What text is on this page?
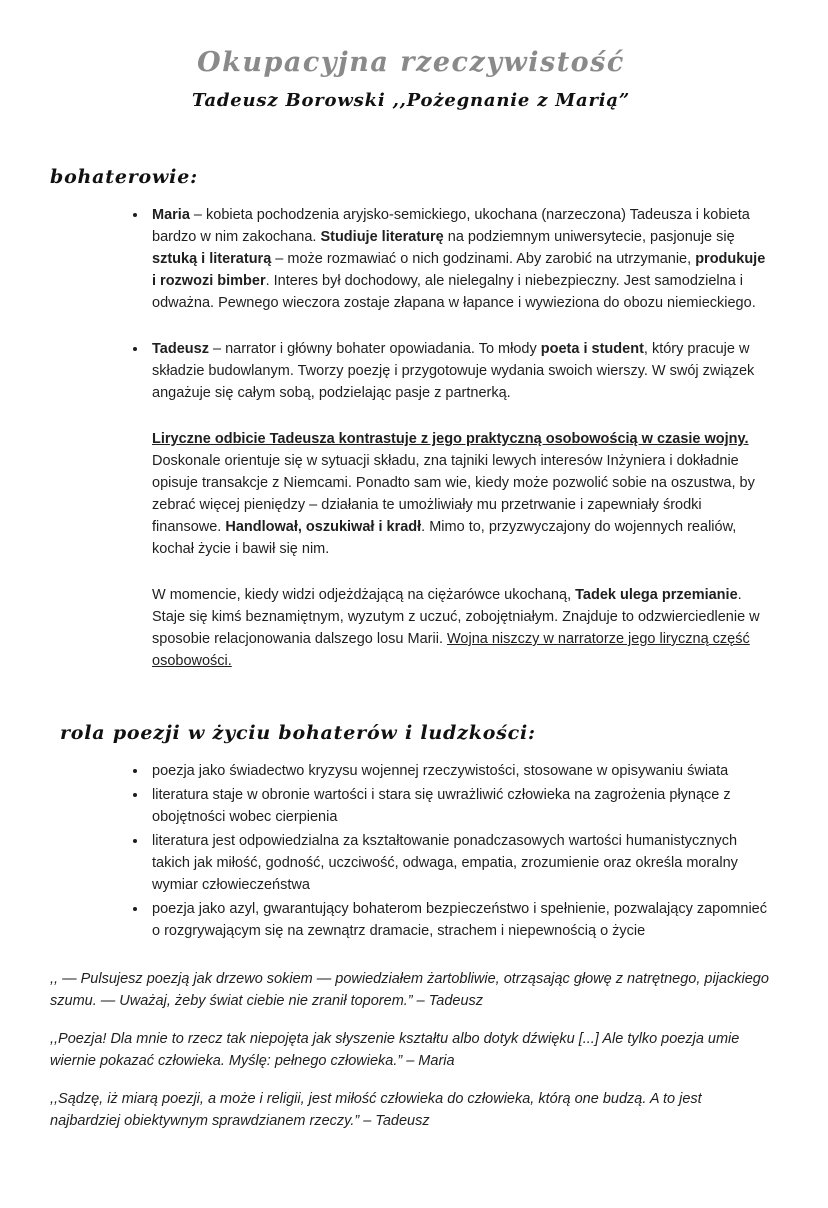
Okupacyjna rzeczywistość
Tadeusz Borowski ,,Pożegnanie z Marią”
bohaterowie:
• Maria – kobieta pochodzenia aryjsko-semickiego, ukochana (narzeczona) Tadeusza i kobieta bardzo w nim zakochana. Studiuje literaturę na podziemnym uniwersytecie, pasjonuje się sztuką i literaturą – może rozmawiać o nich godzinami. Aby zarobić na utrzymanie, produkuje i rozwozi bimber. Interes był dochodowy, ale nielegalny i niebezpieczny. Jest samodzielna i odważna. Pewnego wieczora zostaje złapana w łapance i wywieziona do obozu niemieckiego.
• Tadeusz – narrator i główny bohater opowiadania. To młody poeta i student, który pracuje w składzie budowlanym. Tworzy poezję i przygotowuje wydania swoich wierszy. W swój związek angażuje się całym sobą, podzielając pasje z partnerką.

Liryczne odbicie Tadeusza kontrastuje z jego praktyczną osobowością w czasie wojny. Doskonale orientuje się w sytuacji składu, zna tajniki lewych interesów Inżyniera i dokładnie opisuje transakcje z Niemcami. Ponadto sam wie, kiedy może pozwolić sobie na oszustwa, by zebrać więcej pieniędzy – działania te umożliwiały mu przetrwanie i zapewniały środki finansowe. Handlował, oszukiwał i kradł. Mimo to, przyzwyczajony do wojennych realiów, kochał życie i bawił się nim.

W momencie, kiedy widzi odjeżdżającą na ciężarówce ukochaną, Tadek ulega przemianie. Staje się kimś beznamiętnym, wyzutym z uczuć, zobojętniałym. Znajduje to odzwierciedlenie w sposobie relacjonowania dalszego losu Marii. Wojna niszczy w narratorze jego liryczną część osobowości.

rola poezji w życiu bohaterów i ludzkości:
• poezja jako świadectwo kryzysu wojennej rzeczywistości, stosowane w opisywaniu świata
• literatura staje w obronie wartości i stara się uwrażliwić człowieka na zagrożenia płynące z obojętności wobec cierpienia
• literatura jest odpowiedzialna za kształtowanie ponadczasowych wartości humanistycznych takich jak miłość, godność, uczciwość, odwaga, empatia, zrozumienie oraz określa moralny wymiar człowieczeństwa
• poezja jako azyl, gwarantujący bohaterom bezpieczeństwo i spełnienie, pozwalający zapomnieć o rozgrywającym się na zewnątrz dramacie, strachem i niepewnością o życie

,, — Pulsujesz poezją jak drzewo sokiem — powiedziałem żartobliwie, otrząsając głowę z natrętnego, pijackiego szumu. — Uważaj, żeby świat ciebie nie zranił toporem.” – Tadeusz

,,Poezja! Dla mnie to rzecz tak niepojęta jak słyszenie kształtu albo dotyk dźwięku [...] Ale tylko poezja umie wiernie pokazać człowieka. Myślę: pełnego człowieka.” – Maria

,,Sądzę, iż miarą poezji, a może i religii, jest miłość człowieka do człowieka, którą one budzą. A to jest najbardziej obiektywnym sprawdzianem rzeczy.” – Tadeusz
